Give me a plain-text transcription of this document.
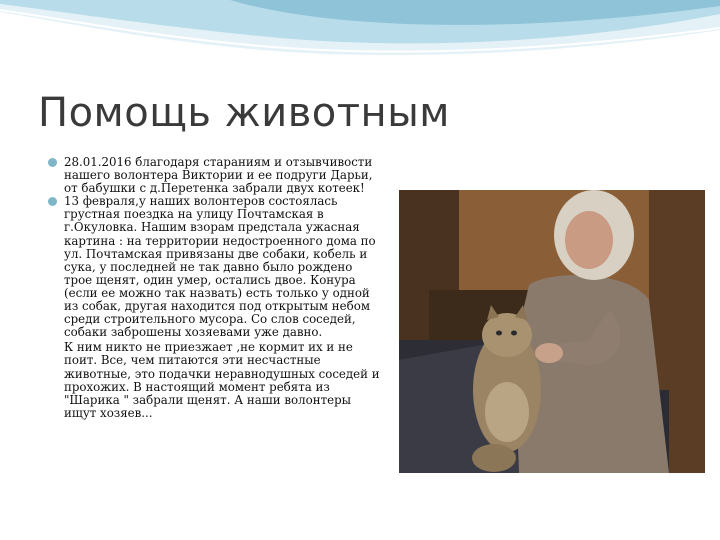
Помощь животным
28.01.2016 благодаря стараниям и отзывчивости нашего волонтера Виктории и ее подруги Дарьи, от бабушки с д.Перетенка забрали двух котеек!
13 февраля,у наших волонтеров состоялась грустная поездка на улицу Почтамская в г.Окуловка. Нашим взорам предстала ужасная картина : на территории недостроенного дома по ул. Почтамская привязаны две собаки, кобель и сука, у последней не так давно было рождено трое щенят, один умер, остались двое. Конура (если ее можно так назвать) есть только у одной из собак, другая находится под открытым небом среди строительного мусора. Со слов соседей, собаки заброшены хозяевами уже давно.
К ним никто не приезжает ,не кормит их и не поит. Все, чем питаются эти несчастные животные, это подачки неравнодушных соседей и прохожих. В настоящий момент ребята из "Шарика " забрали щенят. А наши волонтеры ищут хозяев...
